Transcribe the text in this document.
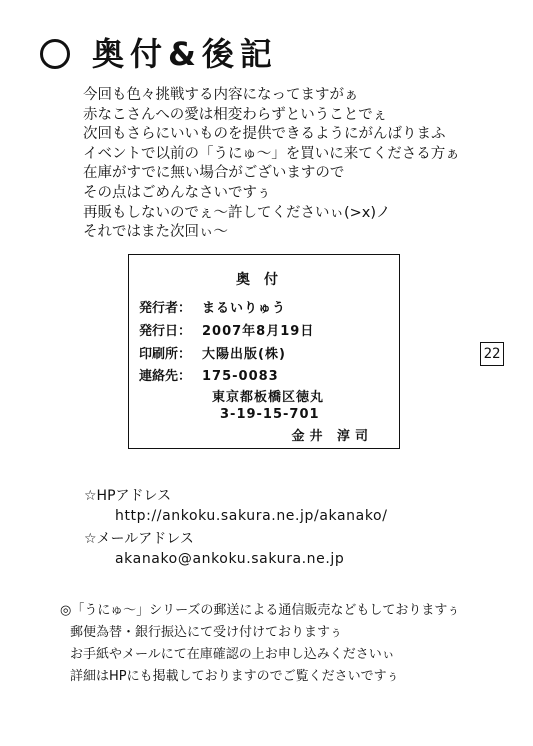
奥付&後記
今回も色々挑戦する内容になってますがぁ
赤なこさんへの愛は相変わらずということでぇ
次回もさらにいいものを提供できるようにがんばりまふ
イベントで以前の「うにゅ〜」を買いに来てくださる方ぁ
在庫がすでに無い場合がございますので
その点はごめんなさいですぅ
再販もしないのでぇ〜許してくださいぃ(>x)ノ
それではまた次回ぃ〜
奥付
発行者： まるいりゅう
発行日： 2007年8月19日
印刷所： 大陽出版(株)
連絡先： 175-0083
東京都板橋区徳丸
3-19-15-701
金井 淳司
22
☆HPアドレス
http://ankoku.sakura.ne.jp/akanako/
☆メールアドレス
akanako@ankoku.sakura.ne.jp
◎「うにゅ〜」シリーズの郵送による通信販売などもしておりますぅ
郵便為替・銀行振込にて受け付けておりますぅ
お手紙やメールにて在庫確認の上お申し込みくださいぃ
詳細はHPにも掲載しておりますのでご覧くださいですぅ
